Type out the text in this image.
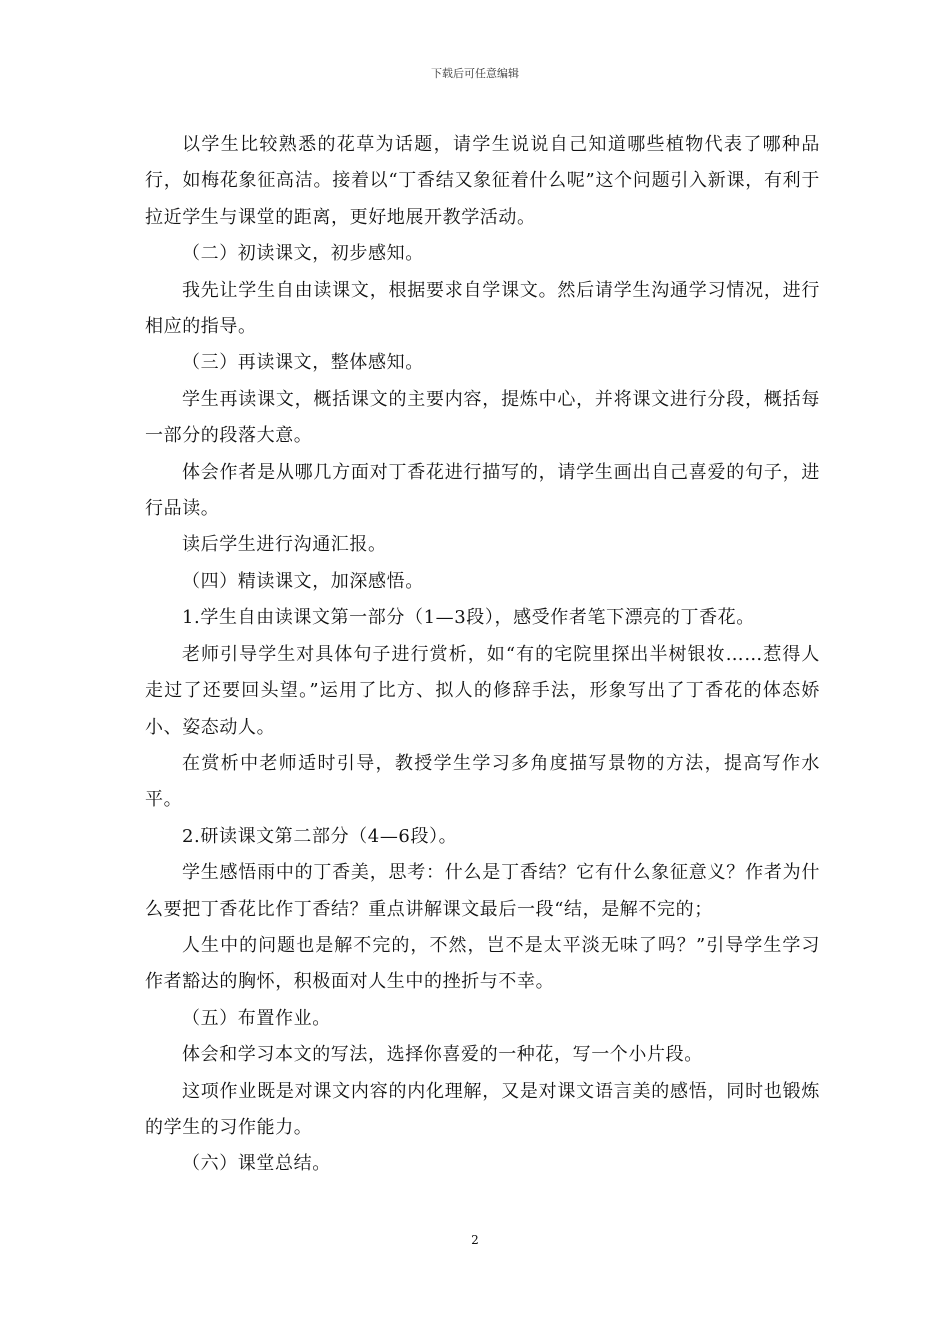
下载后可任意编辑

以学生比较熟悉的花草为话题，请学生说说自己知道哪些植物代表了哪种品行，如梅花象征高洁。接着以“丁香结又象征着什么呢”这个问题引入新课，有利于拉近学生与课堂的距离，更好地展开教学活动。

（二）初读课文，初步感知。

我先让学生自由读课文，根据要求自学课文。然后请学生沟通学习情况，进行相应的指导。

（三）再读课文，整体感知。

学生再读课文，概括课文的主要内容，提炼中心，并将课文进行分段，概括每一部分的段落大意。

体会作者是从哪几方面对丁香花进行描写的，请学生画出自己喜爱的句子，进行品读。

读后学生进行沟通汇报。

（四）精读课文，加深感悟。

1.学生自由读课文第一部分（1—3段），感受作者笔下漂亮的丁香花。

老师引导学生对具体句子进行赏析，如“有的宅院里探出半树银妆……惹得人走过了还要回头望。”运用了比方、拟人的修辞手法，形象写出了丁香花的体态娇小、姿态动人。

在赏析中老师适时引导，教授学生学习多角度描写景物的方法，提高写作水平。

2.研读课文第二部分（4—6段）。

学生感悟雨中的丁香美，思考：什么是丁香结？它有什么象征意义？作者为什么要把丁香花比作丁香结？重点讲解课文最后一段“结，是解不完的；

人生中的问题也是解不完的，不然，岂不是太平淡无味了吗？”引导学生学习作者豁达的胸怀，积极面对人生中的挫折与不幸。

（五）布置作业。

体会和学习本文的写法，选择你喜爱的一种花，写一个小片段。

这项作业既是对课文内容的内化理解，又是对课文语言美的感悟，同时也锻炼的学生的习作能力。

（六）课堂总结。

2
